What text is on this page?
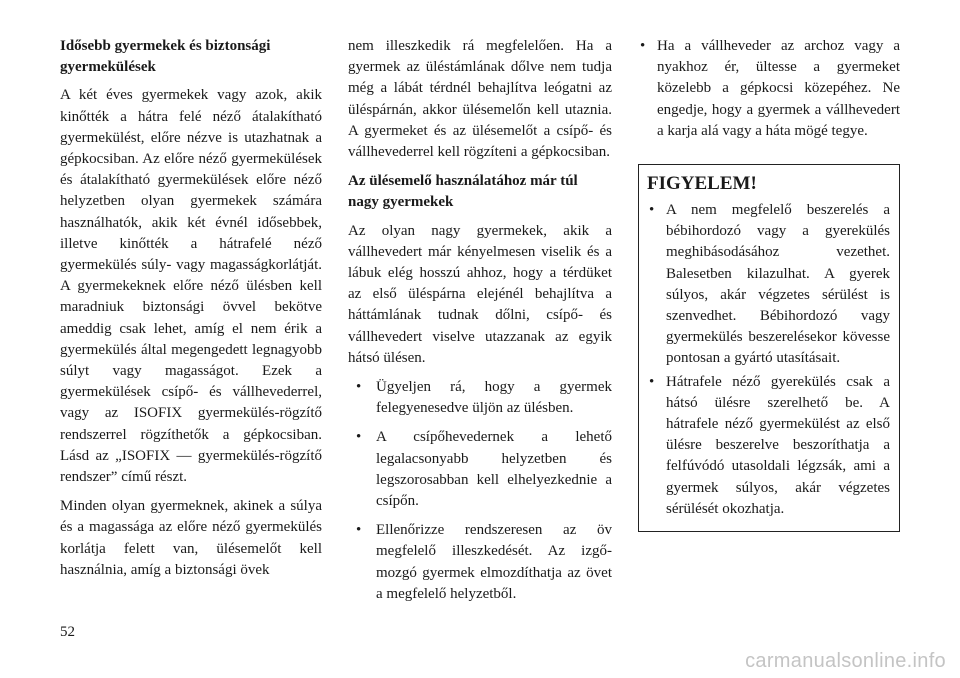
Idősebb gyermekek és biztonsági gyermekülések

A két éves gyermekek vagy azok, akik kinőtték a hátra felé néző átalakítható gyermekülést, előre nézve is utazhatnak a gépkocsiban. Az előre néző gyermekülések és átalakítható gyermekülések előre néző helyzetben olyan gyermekek számára használhatók, akik két évnél idősebbek, illetve kinőtték a hátrafelé néző gyermekülés súly- vagy magasságkorlátját. A gyermekeknek előre néző ülésben kell maradniuk biztonsági övvel bekötve ameddig csak lehet, amíg el nem érik a gyermekülés által megengedett legnagyobb súlyt vagy magasságot. Ezek a gyermekülések csípő- és vállhevederrel, vagy az ISOFIX gyermekülés-rögzítő rendszerrel rögzíthetők a gépkocsiban. Lásd az „ISOFIX — gyermekülés-rögzítő rendszer” című részt.

Minden olyan gyermeknek, akinek a súlya és a magassága az előre néző gyermekülés korlátja felett van, ülésemelőt kell használnia, amíg a biztonsági övek

nem illeszkedik rá megfelelően. Ha a gyermek az üléstámlának dőlve nem tudja még a lábát térdnél behajlítva leógatni az üléspárnán, akkor ülésemelőn kell utaznia. A gyermeket és az ülésemelőt a csípő- és vállhevederrel kell rögzíteni a gépkocsiban.

Az ülésemelő használatához már túl nagy gyermekek

Az olyan nagy gyermekek, akik a vállhevedert már kényelmesen viselik és a lábuk elég hosszú ahhoz, hogy a térdüket az első üléspárna elejénél behajlítva a háttámlának tudnak dőlni, csípő- és vállhevedert viselve utazzanak az egyik hátsó ülésen.

• Ügyeljen rá, hogy a gyermek felegyenesedve üljön az ülésben.
• A csípőhevedernek a lehető legalacsonyabb helyzetben és legszorosabban kell elhelyezkednie a csípőn.
• Ellenőrizze rendszeresen az öv megfelelő illeszkedését. Az izgő-mozgó gyermek elmozdíthatja az övet a megfelelő helyzetből.
• Ha a vállheveder az archoz vagy a nyakhoz ér, ültesse a gyermeket közelebb a gépkocsi közepéhez. Ne engedje, hogy a gyermek a vállhevedert a karja alá vagy a háta mögé tegye.
FIGYELEM!
• A nem megfelelő beszerelés a bébihordozó vagy a gyerekülés meghibásodásához vezethet. Balesetben kilazulhat. A gyerek súlyos, akár végzetes sérülést is szenvedhet. Bébihordozó vagy gyermekülés beszerelésekor kövesse pontosan a gyártó utasításait.
• Hátrafele néző gyerekülés csak a hátsó ülésre szerelhető be. A hátrafele néző gyermekülést az első ülésre beszerelve beszoríthatja a felfúvódó utasoldali légzsák, ami a gyermek súlyos, akár végzetes sérülését okozhatja.
52
carmanualsonline.info
